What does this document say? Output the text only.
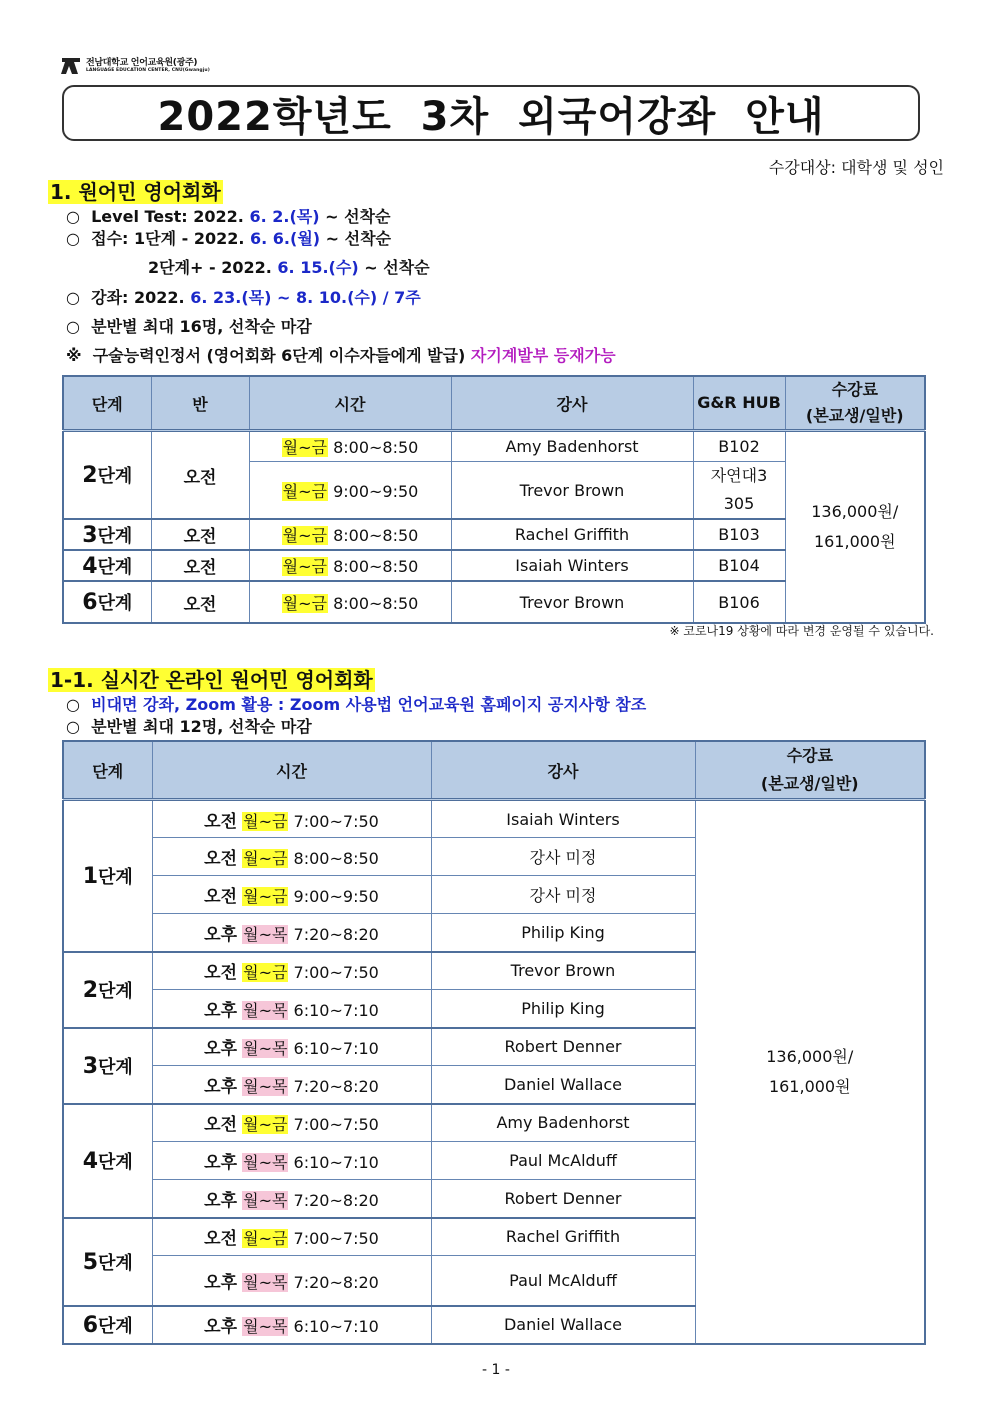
전남대학교 언어교육원(광주)
LANGUAGE EDUCATION CENTER, CNU(Gwangju)
2022학년도 3차 외국어강좌 안내
수강대상: 대학생 및 성인
1. 원어민 영어회화
○ Level Test: 2022. 6. 2.(목) ~ 선착순
○ 접수: 1단계 - 2022. 6. 6.(월) ~ 선착순
2단계+ - 2022. 6. 15.(수) ~ 선착순
○ 강좌: 2022. 6. 23.(목) ~ 8. 10.(수) / 7주
○ 분반별 최대 16명, 선착순 마감
※ 구술능력인정서 (영어회화 6단계 이수자들에게 발급) 자기계발부 등재가능
단계	반	시간	강사	G&R HUB	수강료
(본교생/일반)

2단계	오전	월~금 8:00~8:50	Amy Badenhorst	B102	136,000원/
161,000원

		월~금 9:00~9:50	Trevor Brown	자연대3 305	
3단계	오전	월~금 8:00~8:50	Rachel Griffith	B103	
4단계	오전	월~금 8:00~8:50	Isaiah Winters	B104	
6단계	오전	월~금 8:00~8:50	Trevor Brown	B106	
※ 코로나19 상황에 따라 변경 운영될 수 있습니다.
1-1. 실시간 온라인 원어민 영어회화
○ 비대면 강좌, Zoom 활용 : Zoom 사용법 언어교육원 홈페이지 공지사항 참조
○ 분반별 최대 12명, 선착순 마감
단계	시간	강사	수강료
(본교생/일반)

1단계	오전 월~금 7:00~7:50	Isaiah Winters	136,000원/
161,000원

	오전 월~금 8:00~8:50	강사 미정	
	오전 월~금 9:00~9:50	강사 미정	
	오후 월~목 7:20~8:20	Philip King	
2단계	오전 월~금 7:00~7:50	Trevor Brown	
	오후 월~목 6:10~7:10	Philip King	
3단계	오후 월~목 6:10~7:10	Robert Denner	
	오후 월~목 7:20~8:20	Daniel Wallace	
4단계	오전 월~금 7:00~7:50	Amy Badenhorst	
	오후 월~목 6:10~7:10	Paul McAlduff	
	오후 월~목 7:20~8:20	Robert Denner	
5단계	오전 월~금 7:00~7:50	Rachel Griffith	
	오후 월~목 7:20~8:20	Paul McAlduff	
6단계	오후 월~목 6:10~7:10	Daniel Wallace	
- 1 -
